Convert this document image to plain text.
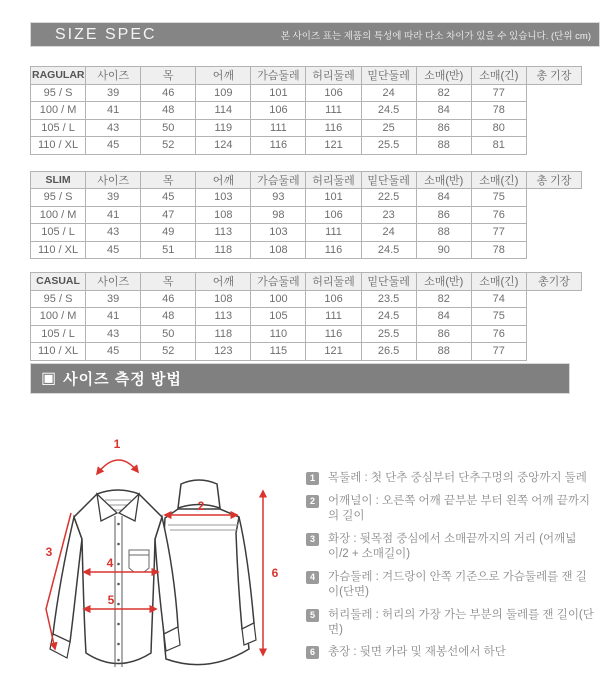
SIZE SPEC	본 사이즈 표는 제품의 특성에 따라 다소 차이가 있을 수 있습니다. (단위 cm)
RAGULAR	사이즈	목	어깨	가슴둘레	허리둘레	밑단둘레	소매(반)	소매(긴)	총 기장
95 / S	39	46	109	101	106	24	82	77	
100 / M	41	48	114	106	111	24.5	84	78	
105 / L	43	50	119	111	116	25	86	80	
110 / XL	45	52	124	116	121	25.5	88	81	
SLIM	사이즈	목	어깨	가슴둘레	허리둘레	밑단둘레	소매(반)	소매(긴)	총 기장
95 / S	39	45	103	93	101	22.5	84	75	
100 / M	41	47	108	98	106	23	86	76	
105 / L	43	49	113	103	111	24	88	77	
110 / XL	45	51	118	108	116	24.5	90	78	
CASUAL	사이즈	목	어깨	가슴둘레	허리둘레	밑단둘레	소매(반)	소매(긴)	총기장
95 / S	39	46	108	100	106	23.5	82	74	
100 / M	41	48	113	105	111	24.5	84	75	
105 / L	43	50	118	110	116	25.5	86	76	
110 / XL	45	52	123	115	121	26.5	88	77	
▣ 사이즈 측정 방법
1
2
3
4
5
6
1	목둘레 : 첫 단추 중심부터 단추구멍의 중앙까지 둘레
2	어깨널이 : 오른쪽 어깨 끝부분 부터 왼쪽 어깨 끝까지의 길이
3	화장 : 뒷목점 중심에서 소매끝까지의 거리 (어깨넓이/2 + 소매길이)
4	가슴둘레 : 겨드랑이 안쪽 기준으로 가슴둘레를 잰 길이(단면)
5	허리둘레 : 허리의 가장 가는 부분의 둘레를 잰 길이(단면)
6	총장 : 뒷면 카라 및 재봉선에서 하단
